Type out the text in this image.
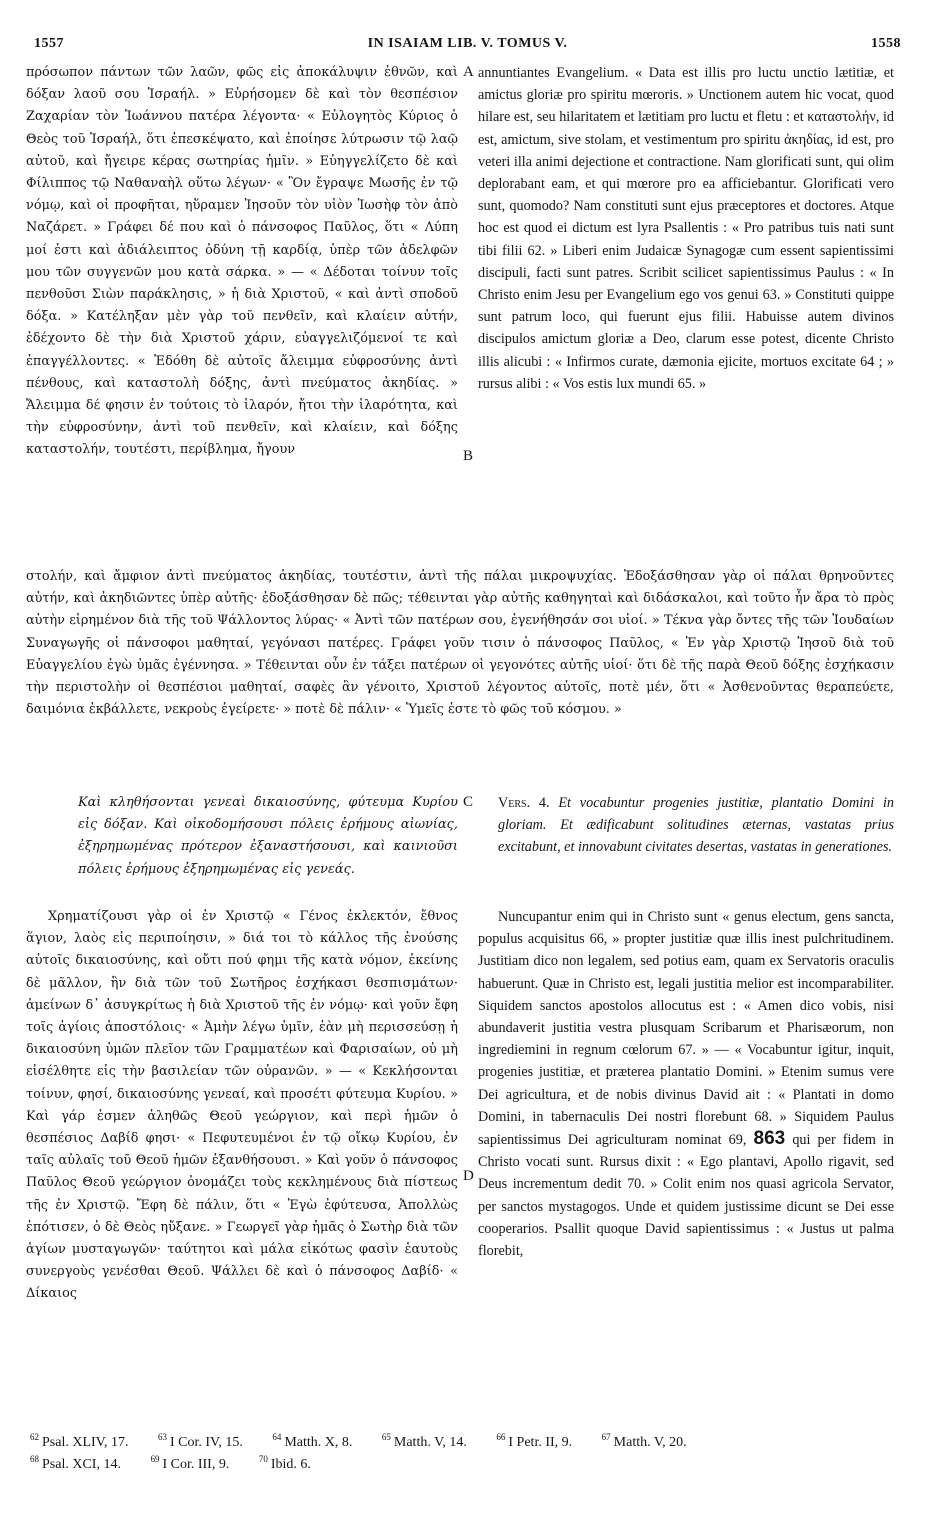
1557	IN ISAIAM LIB. V. TOMUS V.	1558

πρόσωπον πάντων τῶν λαῶν, φῶς εἰς ἀποκάλυψιν ἐθνῶν, καὶ δόξαν λαοῦ σου Ἰσραήλ. » Εὑρήσομεν δὲ καὶ τὸν θεσπέσιον Ζαχαρίαν τὸν Ἰωάννου πατέρα λέγοντα· « Εὐλογητὸς Κύριος ὁ Θεὸς τοῦ Ἰσραήλ, ὅτι ἐπεσκέψατο, καὶ ἐποίησε λύτρωσιν τῷ λαῷ αὐτοῦ, καὶ ἤγειρε κέρας σωτηρίας ἡμῖν. » Εὐηγγελίζετο δὲ καὶ Φίλιππος τῷ Ναθαναὴλ οὕτω λέγων· « Ὃν ἔγραψε Μωσῆς ἐν τῷ νόμῳ, καὶ οἱ προφῆται, ηὕραμεν Ἰησοῦν τὸν υἱὸν Ἰωσὴφ τὸν ἀπὸ Ναζάρετ. » Γράφει δέ που καὶ ὁ πάνσοφος Παῦλος, ὅτι « Λύπη μοί ἐστι καὶ ἀδιάλειπτος ὀδύνη τῇ καρδίᾳ, ὑπὲρ τῶν ἀδελφῶν μου τῶν συγγενῶν μου κατὰ σάρκα. » — « Δέδοται τοίνυν τοῖς πενθοῦσι Σιὼν παράκλησις, » ἡ διὰ Χριστοῦ, « καὶ ἀντὶ σποδοῦ δόξα. » Κατέληξαν μὲν γὰρ τοῦ πενθεῖν, καὶ κλαίειν αὐτήν, ἐδέχοντο δὲ τὴν διὰ Χριστοῦ χάριν, εὐαγγελιζόμενοί τε καὶ ἐπαγγέλλοντες. « Ἐδόθη δὲ αὐτοῖς ἄλειμμα εὐφροσύνης ἀντὶ πένθους, καὶ καταστολὴ δόξης, ἀντὶ πνεύματος ἀκηδίας. » Ἄλειμμα δέ φησιν ἐν τούτοις τὸ ἱλαρόν, ἤτοι τὴν ἱλαρότητα, καὶ τὴν εὐφροσύνην, ἀντὶ τοῦ πενθεῖν, καὶ κλαίειν, καὶ δόξης καταστολήν, τουτέστι, περίβλημα, ἤγουν

annuntiantes Evangelium. « Data est illis pro luctu unctio lætitiæ, et amictus gloriæ pro spiritu mœroris. » Unctionem autem hic vocat, quod hilare est, seu hilaritatem et lætitiam pro luctu et fletu : et καταστολήν, id est, amictum, sive stolam, et vestimentum pro spiritu ἀκηδίας, id est, pro veteri illa animi dejectione et contractione. Nam glorificati sunt, qui olim deplorabant eam, et qui mœrore pro ea afficiebantur. Glorificati vero sunt, quomodo? Nam constituti sunt ejus præceptores et doctores. Atque hoc est quod ei dictum est lyra Psallentis : « Pro patribus tuis nati sunt tibi filii 62. » Liberi enim Judaicæ Synagogæ cum essent sapientissimi discipuli, facti sunt patres. Scribit scilicet sapientissimus Paulus : « In Christo enim Jesu per Evangelium ego vos genui 63. » Constituti quippe sunt patrum loco, qui fuerunt ejus filii. Habuisse autem divinos discipulos amictum gloriæ a Deo, clarum esse potest, dicente Christo illis alicubi : « Infirmos curate, dæmonia ejicite, mortuos excitate 64 ; » rursus alibi : « Vos estis lux mundi 65. »

A
B

στολήν, καὶ ἄμφιον ἀντὶ πνεύματος ἀκηδίας, τουτέστιν, ἀντὶ τῆς πάλαι μικροψυχίας. Ἐδοξάσθησαν γὰρ οἱ πάλαι θρηνοῦντες αὐτήν, καὶ ἀκηδιῶντες ὑπὲρ αὐτῆς· ἐδοξάσθησαν δὲ πῶς; τέθεινται γὰρ αὐτῆς καθηγηταὶ καὶ διδάσκαλοι, καὶ τοῦτο ἦν ἄρα τὸ πρὸς αὐτὴν εἰρημένον διὰ τῆς τοῦ Ψάλλοντος λύρας· « Ἀντὶ τῶν πατέρων σου, ἐγενήθησάν σοι υἱοί. » Τέκνα γὰρ ὄντες τῆς τῶν Ἰουδαίων Συναγωγῆς οἱ πάνσοφοι μαθηταί, γεγόνασι πατέρες. Γράφει γοῦν τισιν ὁ πάνσοφος Παῦλος, « Ἐν γὰρ Χριστῷ Ἰησοῦ διὰ τοῦ Εὐαγγελίου ἐγὼ ὑμᾶς ἐγέννησα. » Τέθεινται οὖν ἐν τάξει πατέρων οἱ γεγονότες αὐτῆς υἱοί· ὅτι δὲ τῆς παρὰ Θεοῦ δόξης ἐσχήκασιν τὴν περιστολὴν οἱ θεσπέσιοι μαθηταί, σαφὲς ἂν γένοιτο, Χριστοῦ λέγοντος αὐτοῖς, ποτὲ μέν, ὅτι « Ἀσθενοῦντας θεραπεύετε, δαιμόνια ἐκβάλλετε, νεκροὺς ἐγείρετε· » ποτὲ δὲ πάλιν· « Ὑμεῖς ἐστε τὸ φῶς τοῦ κόσμου. »

Καὶ κληθήσονται γενεαὶ δικαιοσύνης, φύτευμα Κυρίου εἰς δόξαν. Καὶ οἰκοδομήσουσι πόλεις ἐρήμους αἰωνίας, ἐξηρημωμένας πρότερον ἐξαναστήσουσι, καὶ καινιοῦσι πόλεις ἐρήμους ἐξηρημωμένας εἰς γενεάς.

C Vers. 4. Et vocabuntur progenies justitiæ, plantatio Domini in gloriam. Et ædificabunt solitudines æternas, vastatas prius excitabunt, et innovabunt civitates desertas, vastatas in generationes.

Χρηματίζουσι γὰρ οἱ ἐν Χριστῷ « Γένος ἐκλεκτόν, ἔθνος ἅγιον, λαὸς εἰς περιποίησιν, » διά τοι τὸ κάλλος τῆς ἐνούσης αὐτοῖς δικαιοσύνης, καὶ οὔτι πού φημι τῆς κατὰ νόμον, ἐκείνης δὲ μᾶλλον, ἣν διὰ τῶν τοῦ Σωτῆρος ἐσχήκασι θεσπισμάτων· ἀμείνων δ᾽ ἀσυγκρίτως ἡ διὰ Χριστοῦ τῆς ἐν νόμῳ· καὶ γοῦν ἔφη τοῖς ἁγίοις ἀποστόλοις· « Ἀμὴν λέγω ὑμῖν, ἐὰν μὴ περισσεύσῃ ἡ δικαιοσύνη ὑμῶν πλεῖον τῶν Γραμματέων καὶ Φαρισαίων, οὐ μὴ εἰσέλθητε εἰς τὴν βασιλείαν τῶν οὐρανῶν. » — « Κεκλήσονται τοίνυν, φησί, δικαιοσύνης γενεαί, καὶ προσέτι φύτευμα Κυρίου. » Καὶ γάρ ἐσμεν ἀληθῶς Θεοῦ γεώργιον, καὶ περὶ ἡμῶν ὁ θεσπέσιος Δαβίδ φησι· « Πεφυτευμένοι ἐν τῷ οἴκῳ Κυρίου, ἐν ταῖς αὐλαῖς τοῦ Θεοῦ ἡμῶν ἐξανθήσουσι. » Καὶ γοῦν ὁ πάνσοφος Παῦλος Θεοῦ γεώργιον ὀνομάζει τοὺς κεκλημένους διὰ πίστεως τῆς ἐν Χριστῷ. Ἔφη δὲ πάλιν, ὅτι « Ἐγὼ ἐφύτευσα, Ἀπολλὼς ἐπότισεν, ὁ δὲ Θεὸς ηὔξανε. » Γεωργεῖ γὰρ ἡμᾶς ὁ Σωτὴρ διὰ τῶν ἁγίων μυσταγωγῶν· ταύτητοι καὶ μάλα εἰκότως φασὶν ἑαυτοὺς συνεργοὺς γενέσθαι Θεοῦ. Ψάλλει δὲ καὶ ὁ πάνσοφος Δαβίδ· « Δίκαιος

D

Nuncupantur enim qui in Christo sunt « genus electum, gens sancta, populus acquisitus 66, » propter justitiæ quæ illis inest pulchritudinem. Justitiam dico non legalem, sed potius eam, quam ex Servatoris oraculis habuerunt. Quæ in Christo est, legali justitia melior est incomparabiliter. Siquidem sanctos apostolos allocutus est : « Amen dico vobis, nisi abundaverit justitia vestra plusquam Scribarum et Pharisæorum, non ingrediemini in regnum cœlorum 67. » — « Vocabuntur igitur, inquit, progenies justitiæ, et præterea plantatio Domini. » Etenim sumus vere Dei agricultura, et de nobis divinus David ait : « Plantati in domo Domini, in tabernaculis Dei nostri florebunt 68. » Siquidem Paulus sapientissimus Dei agriculturam nominat 69, 863 qui per fidem in Christo vocati sunt. Rursus dixit : « Ego plantavi, Apollo rigavit, sed Deus incrementum dedit 70. » Colit enim nos quasi agricola Servator, per sanctos mystagogos. Unde et quidem justissime dicunt se Dei esse cooperarios. Psallit quoque David sapientissimus : « Justus ut palma florebit,

$^{62}$ Psal. XLIV, 17.	$^{63}$ I Cor. IV, 15.	$^{64}$ Matth. X, 8.	$^{65}$ Matth. V, 14.	$^{66}$ I Petr. II, 9.	$^{67}$ Matth. V, 20.
$^{68}$ Psal. XCI, 14.	$^{69}$ I Cor. III, 9.	$^{70}$ Ibid. 6.
